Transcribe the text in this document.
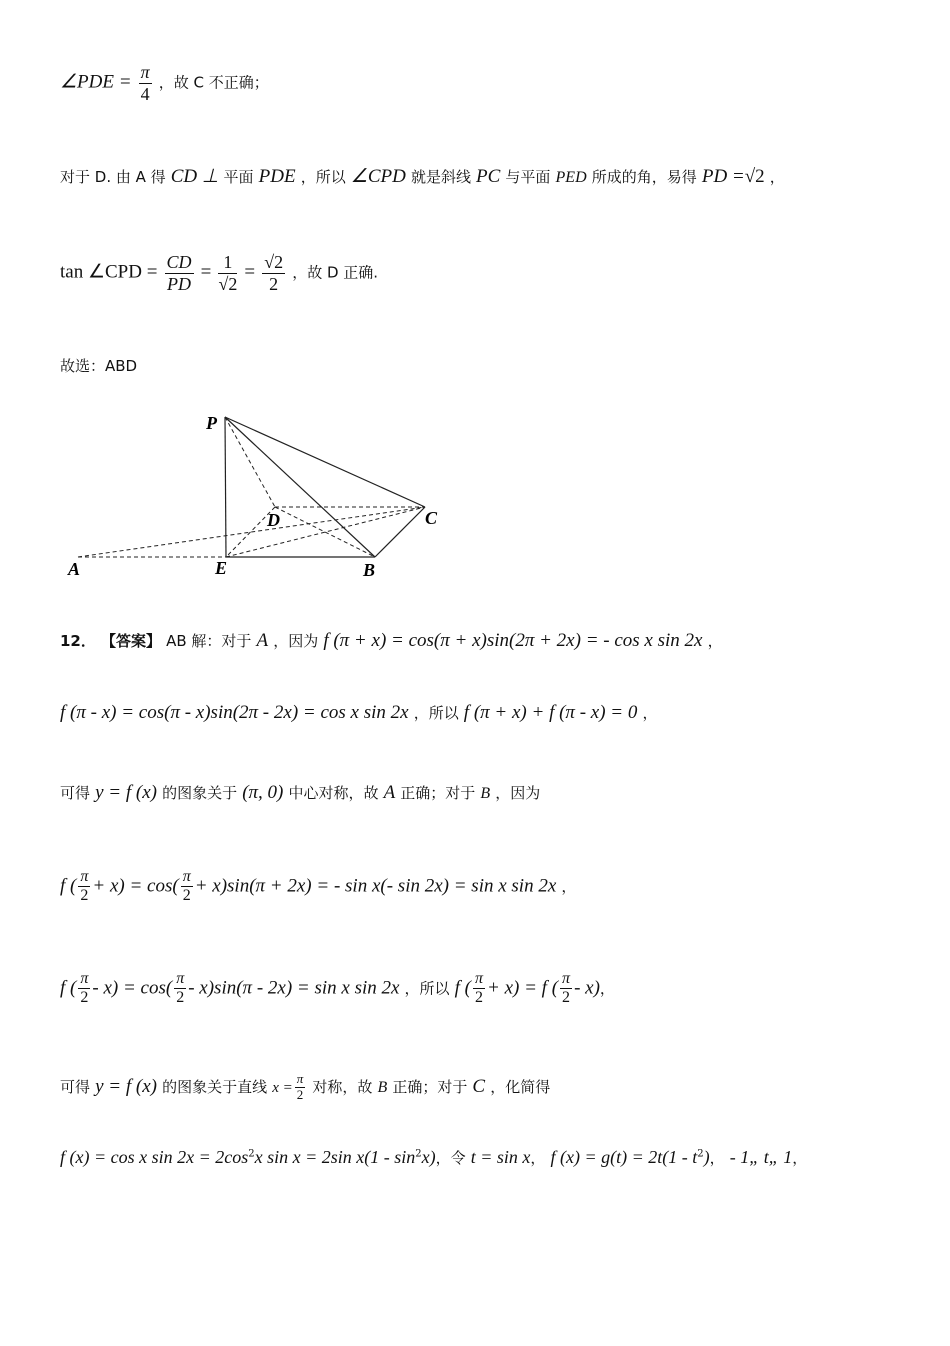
∠PDE = $\frac{\pi}{4}$ ，故 C 不正确；
对于 D. 由 A 得 CD ⊥ 平面 PDE ，所以 ∠CPD 就是斜线 PC 与平面 PED 所成的角，易得 PD =√2 ，
tan ∠CPD = $\frac{CD}{PD} = \frac{1}{√2} = \frac{√2}{2}$ ，故 D 正确.
故选：ABD
P
D	C
A	E	B
12． 【答案】 AB 解：对于 A ，因为 f (π + x) = cos(π + x)sin(2π + 2x) = - cos x sin 2x ，
f (π - x) = cos(π - x)sin(2π - 2x) = cos x sin 2x ，所以 f (π + x) + f (π - x) = 0 ，
可得 y = f (x) 的图象关于 (π, 0) 中心对称，故 A 正确；对于 B ，因为
f ( $\frac{\pi}{2} + x) = \cos( \frac{\pi}{2} + x)\sin(\pi + 2x)$ = - sin x(- sin 2x) = sin x sin 2x ，
f ( $\frac{\pi}{2} - x) = \cos( \frac{\pi}{2} - x)\sin(\pi - 2x) = \sin x$ sin 2x ，所以 f ( $\frac{\pi}{2} + x) = f$ ( $\frac{\pi}{2} - x$)，
可得 y = f (x) 的图象关于直线 $x = \frac{\pi}{2}$ 对称，故 B 正确；对于 C ，化简得
f (x) = cos x $\sin 2x = 2\cos^2x$ sin x = 2sin $x(1 - \sin^2x)$，令 t = sin x， f $(x) = g(t) = 2t(1 - t^2)$， - 1„ t„ 1，
